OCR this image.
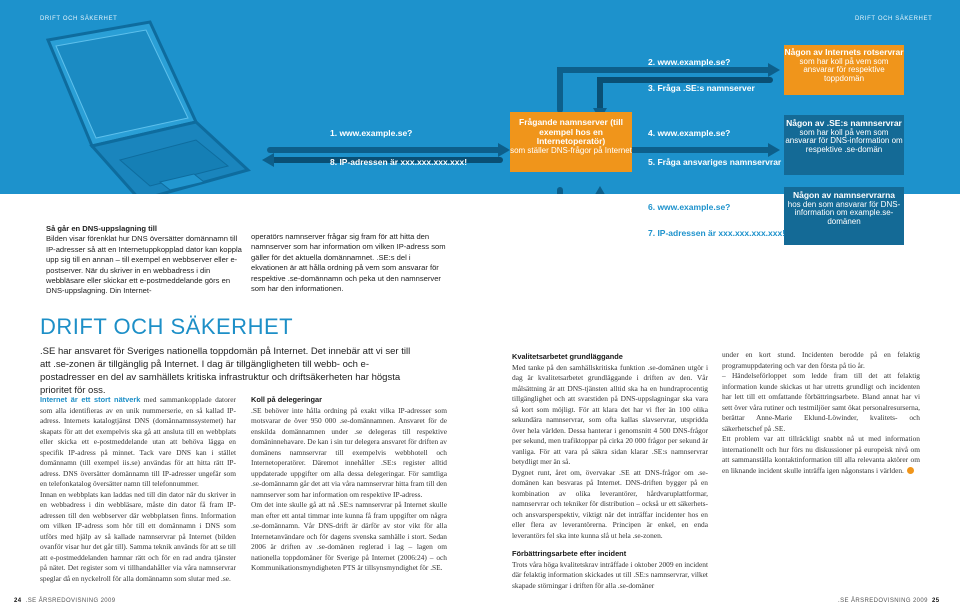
DRIFT OCH SÄKERHET	DRIFT OCH SÄKERHET
Någon av Internets rotservrar
som har koll på vem som ansvarar för respektive toppdomän
Frågande namnserver (till exempel hos en Internetoperatör)
som ställer DNS-frågor på Internet
Någon av .SE:s namnservrar
som har koll på vem som ansvarar för DNS-information om respektive .se-domän
Någon av namnservrarna
hos den som ansvarar för DNS-information om example.se-domänen
2. www.example.se?
3. Fråga .SE:s namnserver
1. www.example.se?
8. IP-adressen är xxx.xxx.xxx.xxx!
4. www.example.se?
5. Fråga ansvariges namnservrar
6. www.example.se?
7. IP-adressen är xxx.xxx.xxx.xxx!
Så går en DNS-uppslagning till
Bilden visar förenklat hur DNS översätter domännamn till IP-adresser så att en Internetuppkopplad dator kan koppla upp sig till en annan – till exempel en webbserver eller e-postserver. När du skriver in en webbadress i din webbläsare eller skickar ett e-postmeddelande görs en DNS-uppslagning. Din Internet-
operatörs namnserver frågar sig fram för att hitta den namnserver som har information om vilken IP-adress som gäller för det aktuella domännamnet. .SE:s del i ekvationen är att hålla ordning på vem som ansvarar för respektive .se-domännamn och peka ut den namnserver som har den informationen.
DRIFT OCH SÄKERHET
.SE har ansvaret för Sveriges nationella toppdomän på Internet. Det innebär att vi ser till att .se-zonen är tillgänglig på Internet. I dag är tillgängligheten till webb- och e-postadresser en del av samhällets kritiska infrastruktur och driftsäkerheten har högsta prioritet för oss.
Internet är ett stort nätverk med sammankopplade datorer som alla identifieras av en unik nummerserie, en så kallad IP-adress. Internets katalogtjänst DNS (domännamnssystemet) har skapats för att det exempelvis ska gå att ansluta till en webbplats eller skicka ett e-postmeddelande utan att behöva lägga en specifik IP-adress på minnet. Tack vare DNS kan i stället domännamn (till exempel iis.se) användas för att hitta rätt IP-adress. DNS översätter domännamn till IP-adresser ungefär som en telefonkatalog översätter namn till telefonnummer.
Innan en webbplats kan laddas ned till din dator när du skriver in en webbadress i din webbläsare, måste din dator få fram IP-adressen till den webbserver där webbplatsen finns. Information om vilken IP-adress som hör till ett domännamn i DNS som utförs med hjälp av så kallade namnservrar på Internet (bilden ovanför visar hur det går till). Samma teknik används för att se till att e-postmeddelanden hamnar rätt och för en rad andra tjänster på nätet. Det register som vi tillhandahåller via våra namnservrar speglar då en nyckelroll för alla domännamn som slutar med .se.
Koll på delegeringar
.SE behöver inte hålla ordning på exakt vilka IP-adresser som motsvarar de över 950 000 .se-domännamnen. Ansvaret för de enskilda domännamnen under .se delegeras till respektive domäninnehavare. De kan i sin tur delegera ansvaret för driften av domänens namnservrar till exempelvis webbhotell och Internetoperatörer. Däremot innehåller .SE:s register alltid uppdaterade uppgifter om alla dessa delegeringar. För samtliga .se-domännamn går det att via våra namnservrar hitta fram till den namnserver som har information om respektive IP-adress.
Om det inte skulle gå att nå .SE:s namnservrar på Internet skulle man efter ett antal timmar inte kunna få fram uppgifter om några .se-domännamn. Vår DNS-drift är därför av stor vikt för alla Internetanvändare och för dagens svenska samhälle i stort. Sedan 2006 är driften av .se-domänen reglerad i lag – lagen om nationella toppdomäner för Sverige på Internet (2006:24) – och Kommunikationsmyndigheten PTS är tillsynsmyndighet för .SE.
Kvalitetsarbetet grundläggande
Med tanke på den samhällskritiska funktion .se-domänen utgör i dag är kvalitetsarbetet grundläggande i driften av den. Vår målsättning är att DNS-tjänsten alltid ska ha en hundraprocentig tillgänglighet och att svarstiden på DNS-uppslagningar ska vara så kort som möjligt. För att klara det har vi fler än 100 olika sekundära namnservrar, som ofta kallas slavservrar, utspridda över hela världen. Dessa hanterar i genomsnitt 4 500 DNS-frågor per sekund, men trafiktoppar på cirka 20 000 frågor per sekund är vanliga. För att vara på säkra sidan klarar .SE:s namnservrar betydligt mer än så.
Dygnet runt, året om, övervakar .SE att DNS-frågor om .se-domänen kan besvaras på Internet. DNS-driften bygger på en kombination av olika leverantörer, hårdvaruplattformar, namnservrar och tekniker för distribution – också ur ett säkerhets- och ansvarsperspektiv, viktigt när det inträffar incidenter hos en eller flera av leverantörerna. Principen är enkel, en enda leverantörs fel ska inte kunna slå ut hela .se-zonen.
Förbättringsarbete efter incident
Trots våra höga kvalitetskrav inträffade i oktober 2009 en incident där felaktig information skickades ut till .SE:s namnservrar, vilket skapade störningar i driften för alla .se-domäner
under en kort stund. Incidenten berodde på en felaktig programuppdatering och var den första på tio år.
– Händelseförloppet som ledde fram till det att felaktig information kunde skickas ut har utretts grundligt och incidenten har lett till ett omfattande förbättringsarbete. Bland annat har vi sett över våra rutiner och testmiljöer samt ökat personalresurserna, berättar Anne-Marie Eklund-Löwinder, kvalitets- och säkerhetschef på .SE.
Ett problem var att tillräckligt snabbt nå ut med information internationellt och hur förs nu diskussioner på europeisk nivå om att sammanställa kontaktinformation till alla relevanta aktörer om en liknande incident skulle inträffa igen någonstans i världen.
24 .SE ÅRSREDOVISNING 2009	.SE ÅRSREDOVISNING 2009 25
